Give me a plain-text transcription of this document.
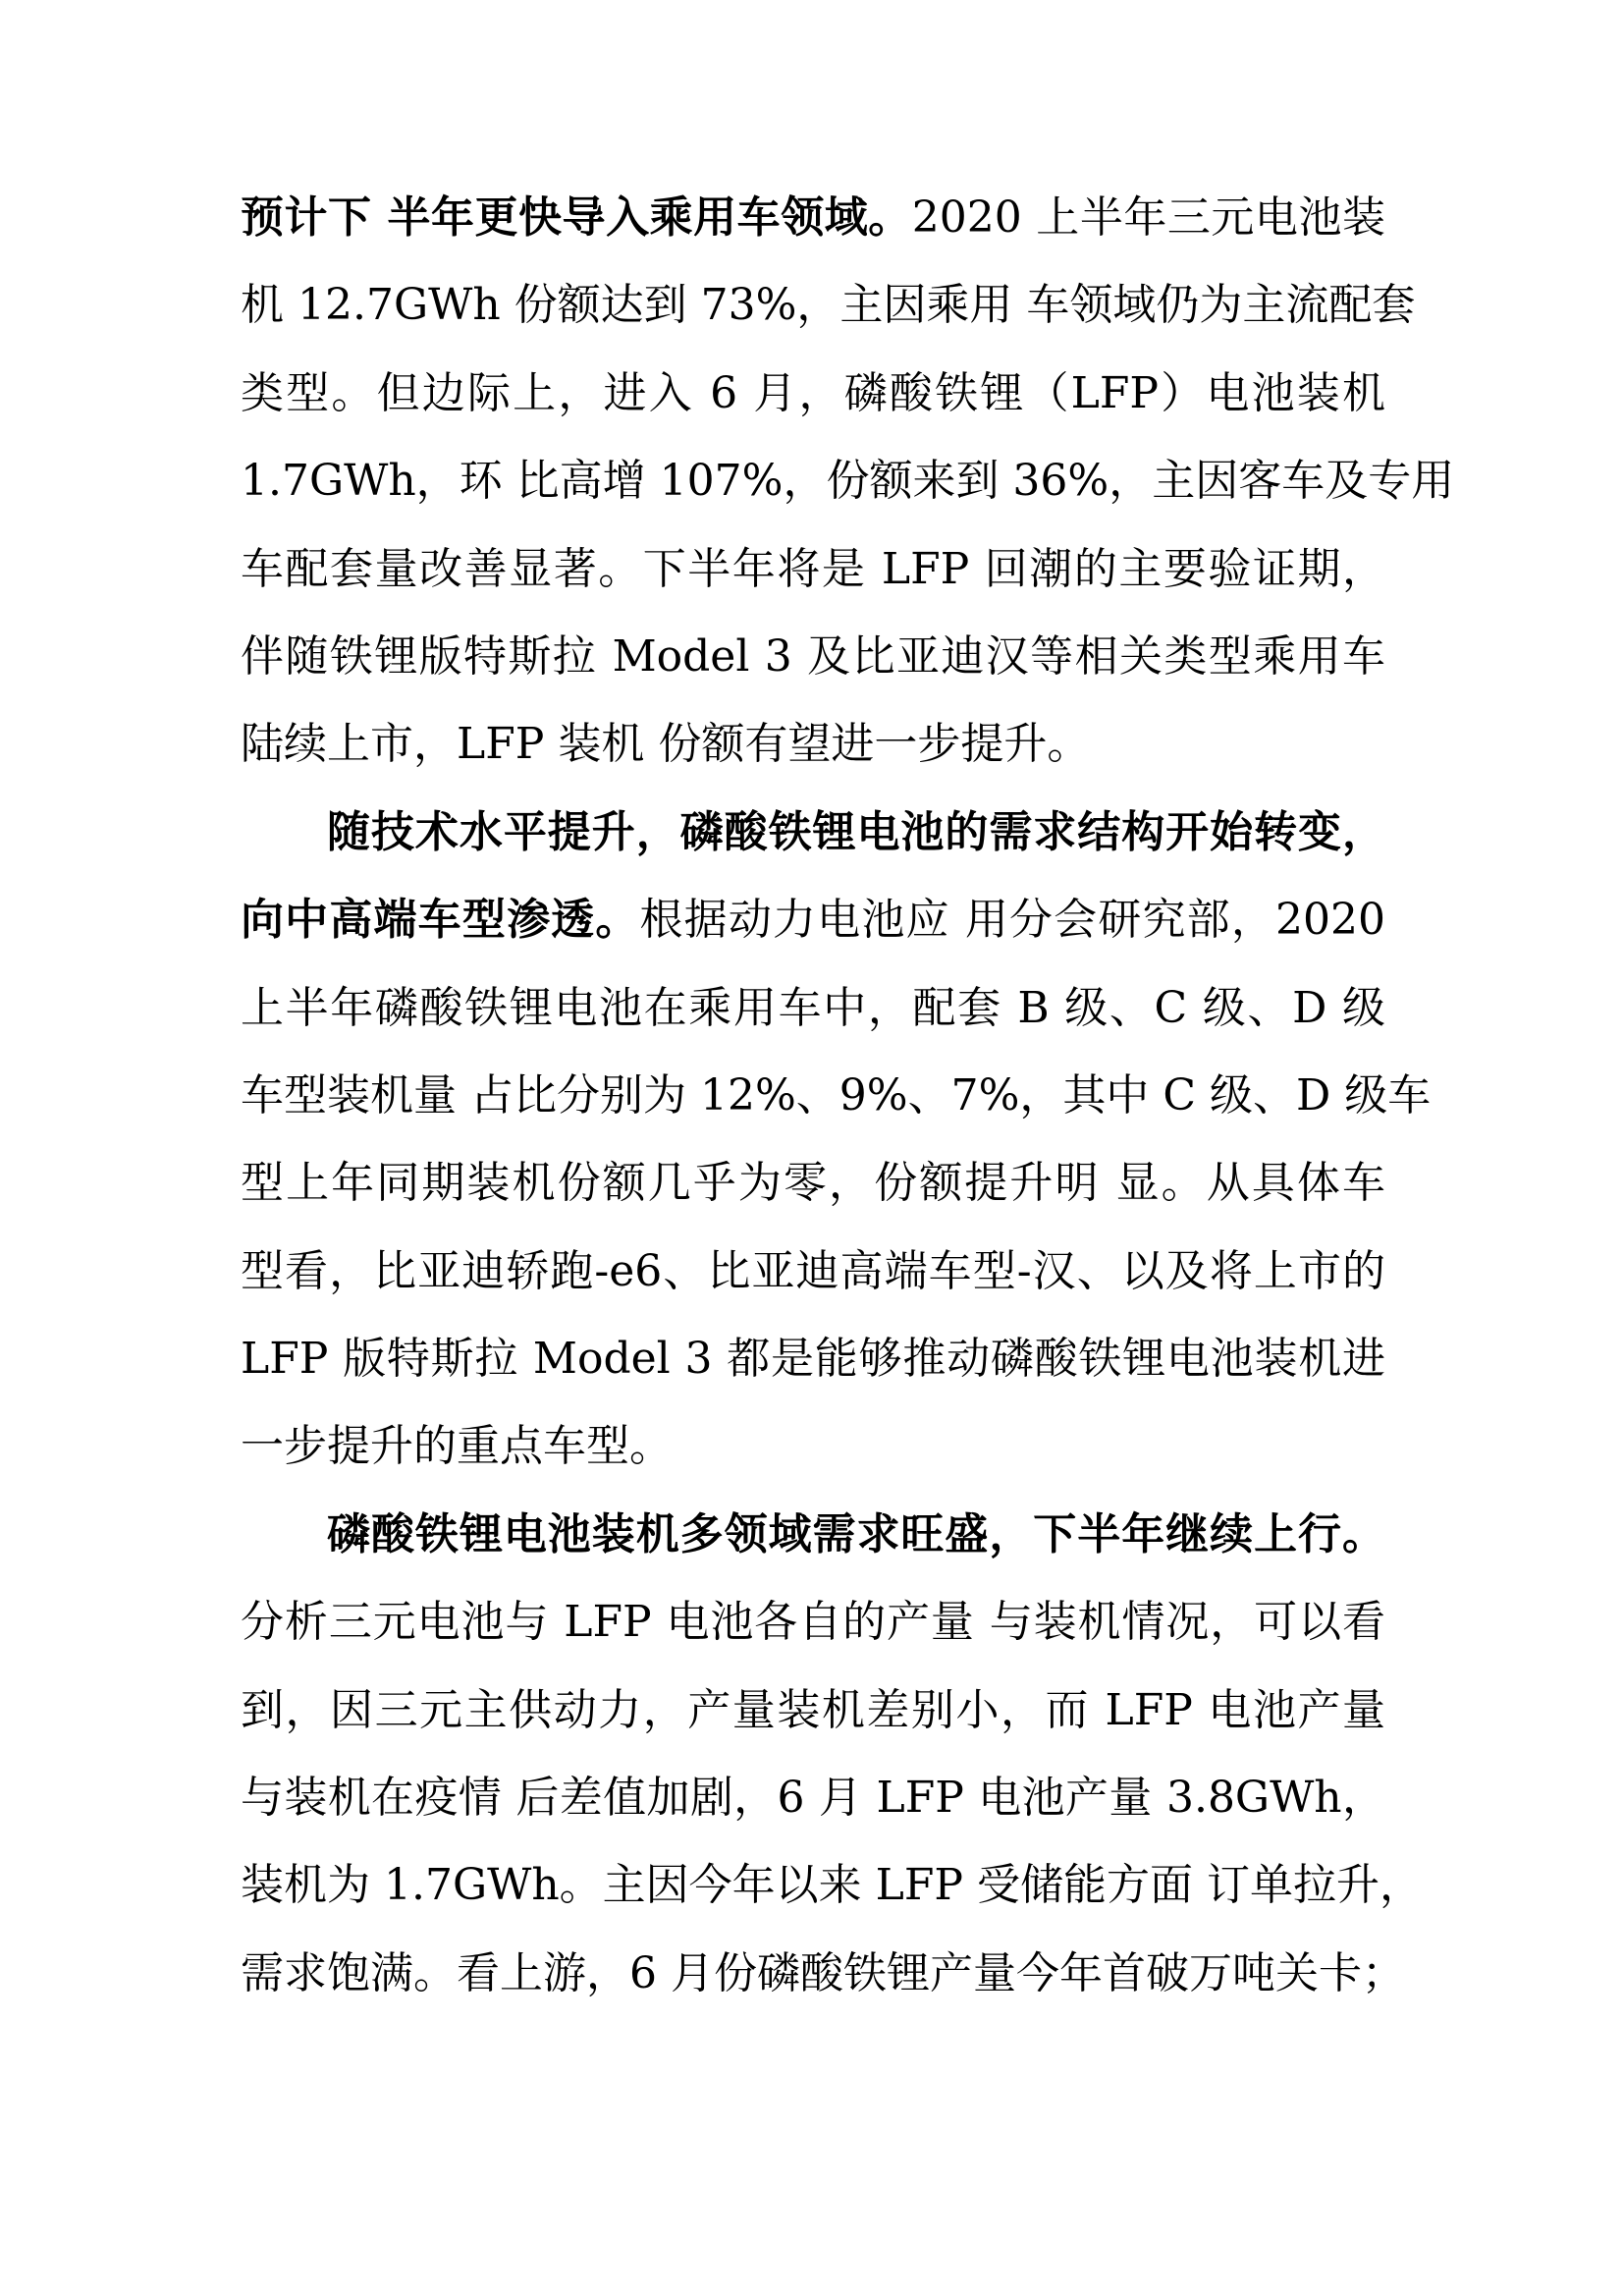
预计下 半年更快导入乘用车领域。2020 上半年三元电池装
机 12.7GWh 份额达到 73%，主因乘用 车领域仍为主流配套
类型。但边际上，进入 6 月，磷酸铁锂（LFP）电池装机
1.7GWh，环 比高增 107%，份额来到 36%，主因客车及专用
车配套量改善显著。下半年将是 LFP 回潮的主要验证期，
伴随铁锂版特斯拉 Model 3 及比亚迪汉等相关类型乘用车
陆续上市，LFP 装机 份额有望进一步提升。
随技术水平提升，磷酸铁锂电池的需求结构开始转变，
向中高端车型渗透。根据动力电池应 用分会研究部，2020
上半年磷酸铁锂电池在乘用车中，配套 B 级、C 级、D 级
车型装机量 占比分别为 12%、9%、7%，其中 C 级、D 级车
型上年同期装机份额几乎为零，份额提升明 显。从具体车
型看，比亚迪轿跑-e6、比亚迪高端车型-汉、以及将上市的
LFP 版特斯拉 Model 3 都是能够推动磷酸铁锂电池装机进
一步提升的重点车型。
磷酸铁锂电池装机多领域需求旺盛，下半年继续上行。
分析三元电池与 LFP 电池各自的产量 与装机情况，可以看
到，因三元主供动力，产量装机差别小，而 LFP 电池产量
与装机在疫情 后差值加剧，6 月 LFP 电池产量 3.8GWh，
装机为 1.7GWh。主因今年以来 LFP 受储能方面 订单拉升，
需求饱满。看上游，6 月份磷酸铁锂产量今年首破万吨关卡；
